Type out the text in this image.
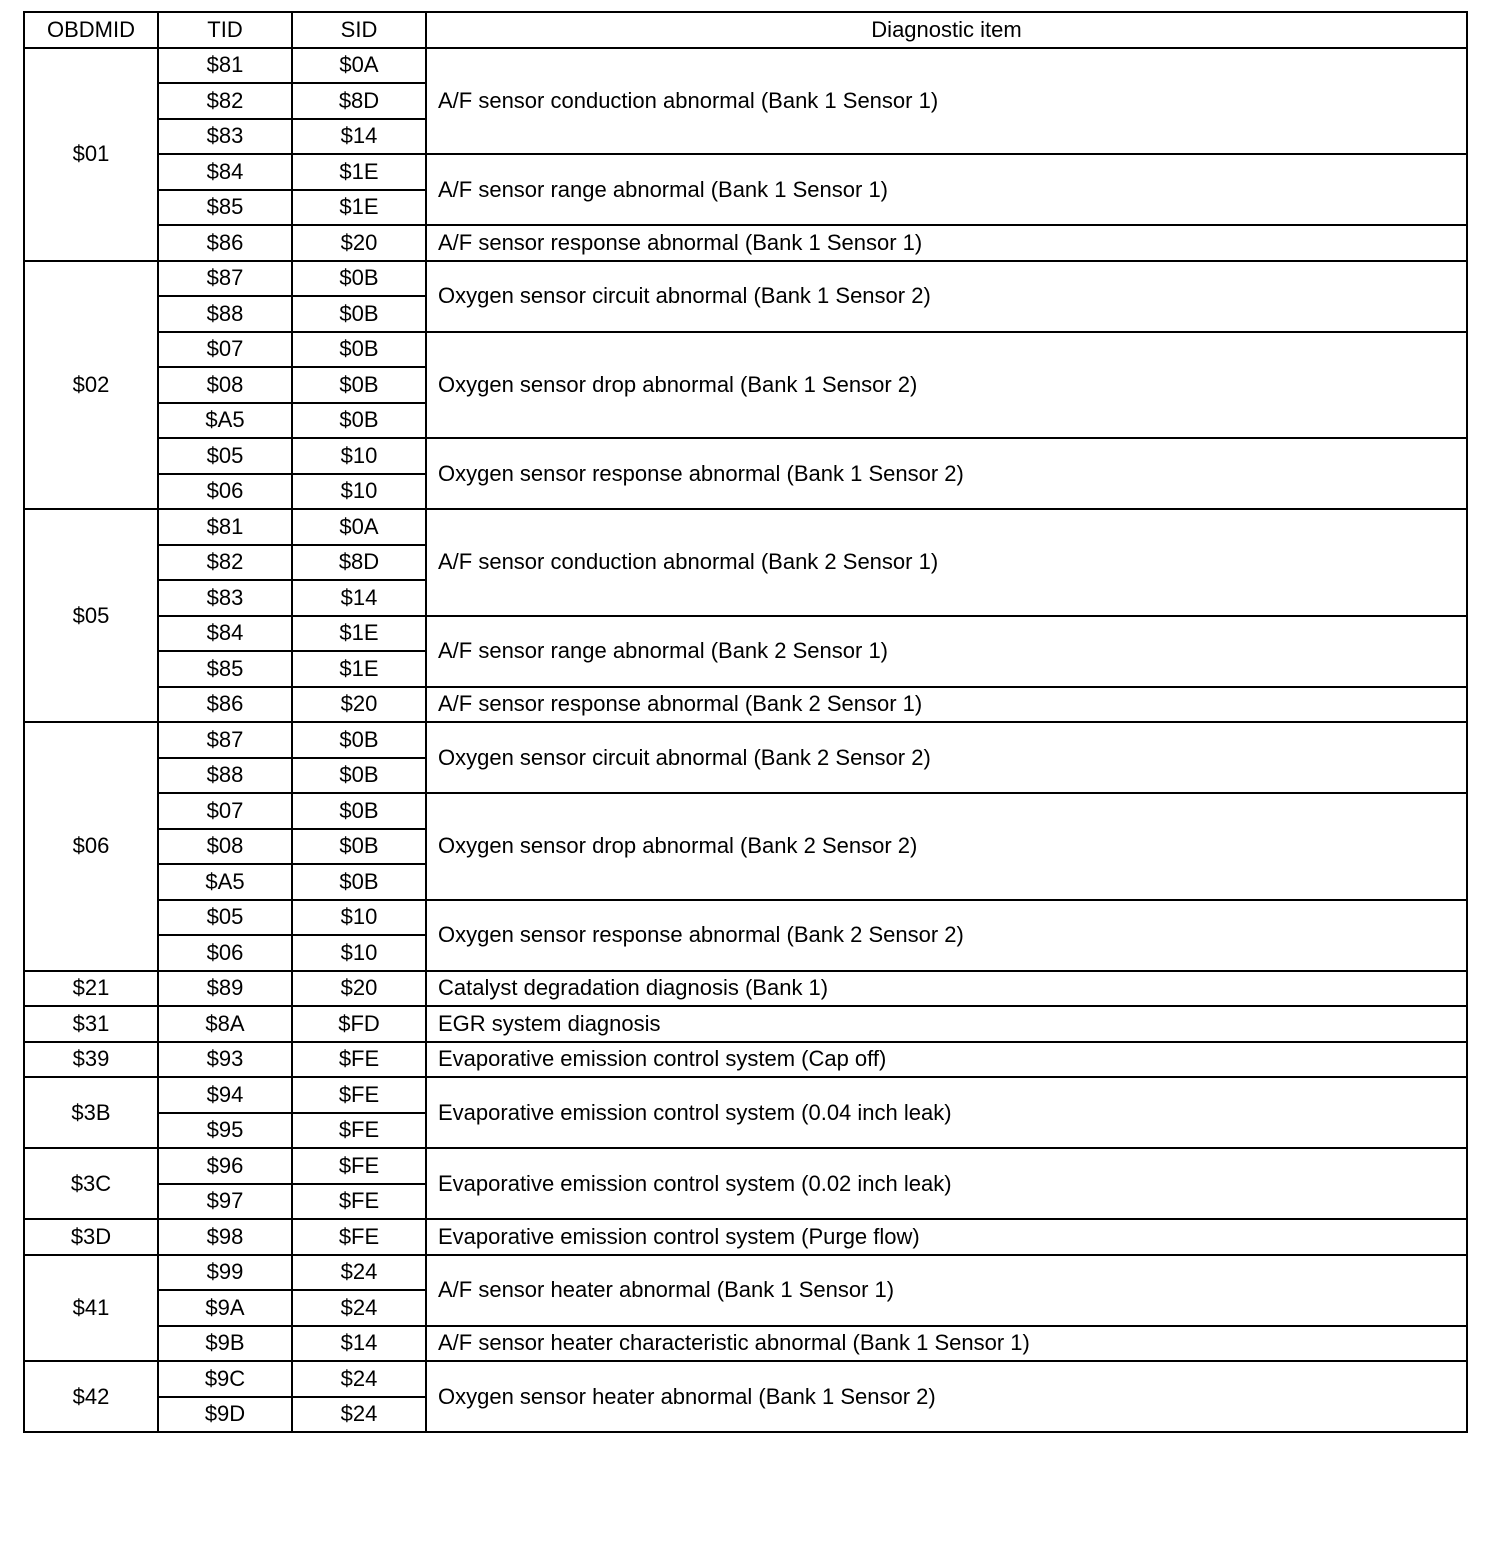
OBDMID	TID	SID	Diagnostic item
$01	$81	$0A	A/F sensor conduction abnormal (Bank 1 Sensor 1)
	$82	$8D	
	$83	$14	
	$84	$1E	A/F sensor range abnormal (Bank 1 Sensor 1)
	$85	$1E	
	$86	$20	A/F sensor response abnormal (Bank 1 Sensor 1)
$02	$87	$0B	Oxygen sensor circuit abnormal (Bank 1 Sensor 2)
	$88	$0B	
	$07	$0B	Oxygen sensor drop abnormal (Bank 1 Sensor 2)
	$08	$0B	
	$A5	$0B	
	$05	$10	Oxygen sensor response abnormal (Bank 1 Sensor 2)
	$06	$10	
$05	$81	$0A	A/F sensor conduction abnormal (Bank 2 Sensor 1)
	$82	$8D	
	$83	$14	
	$84	$1E	A/F sensor range abnormal (Bank 2 Sensor 1)
	$85	$1E	
	$86	$20	A/F sensor response abnormal (Bank 2 Sensor 1)
$06	$87	$0B	Oxygen sensor circuit abnormal (Bank 2 Sensor 2)
	$88	$0B	
	$07	$0B	Oxygen sensor drop abnormal (Bank 2 Sensor 2)
	$08	$0B	
	$A5	$0B	
	$05	$10	Oxygen sensor response abnormal (Bank 2 Sensor 2)
	$06	$10	
$21	$89	$20	Catalyst degradation diagnosis (Bank 1)
$31	$8A	$FD	EGR system diagnosis
$39	$93	$FE	Evaporative emission control system (Cap off)
$3B	$94	$FE	Evaporative emission control system (0.04 inch leak)
	$95	$FE	
$3C	$96	$FE	Evaporative emission control system (0.02 inch leak)
	$97	$FE	
$3D	$98	$FE	Evaporative emission control system (Purge flow)
$41	$99	$24	A/F sensor heater abnormal (Bank 1 Sensor 1)
	$9A	$24	
	$9B	$14	A/F sensor heater characteristic abnormal (Bank 1 Sensor 1)
$42	$9C	$24	Oxygen sensor heater abnormal (Bank 1 Sensor 2)
	$9D	$24	
